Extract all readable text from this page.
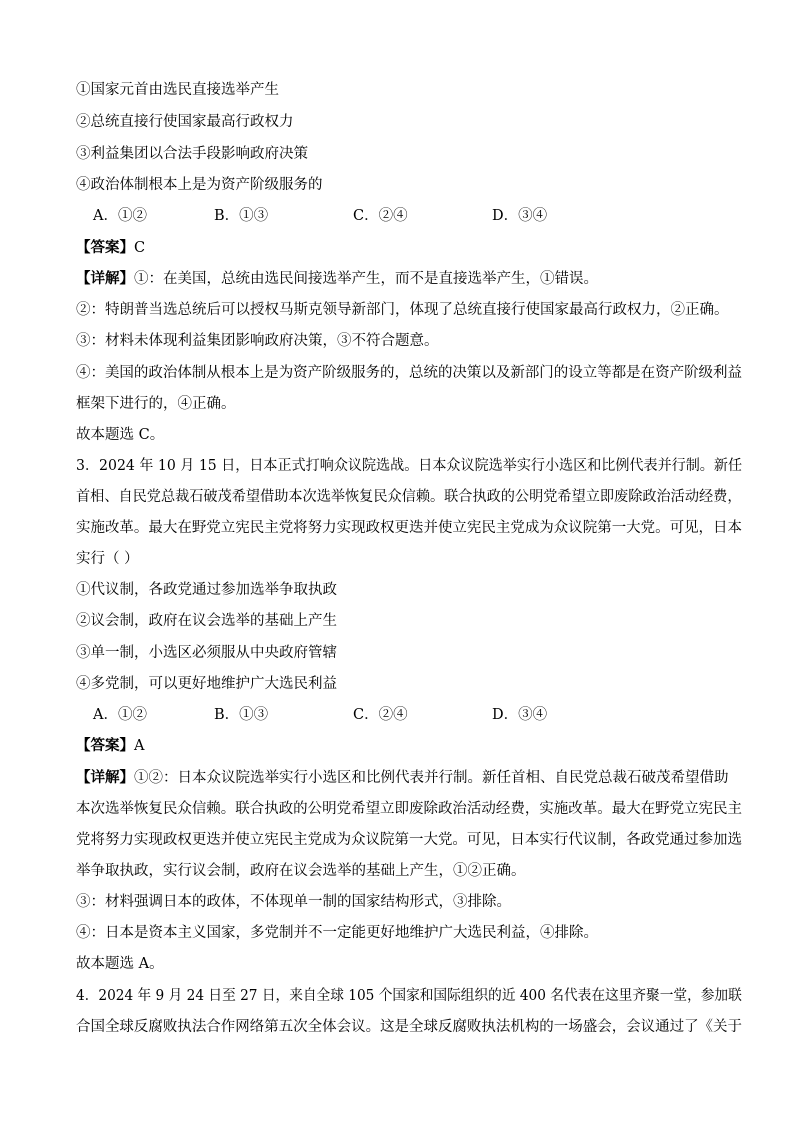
①国家元首由选民直接选举产生
②总统直接行使国家最高行政权力
③利益集团以合法手段影响政府决策
④政治体制根本上是为资产阶级服务的
A．①②	B．①③	C．②④	D．③④
【答案】C
【详解】①：在美国，总统由选民间接选举产生，而不是直接选举产生，①错误。
②：特朗普当选总统后可以授权马斯克领导新部门，体现了总统直接行使国家最高行政权力，②正确。
③：材料未体现利益集团影响政府决策，③不符合题意。
④：美国的政治体制从根本上是为资产阶级服务的，总统的决策以及新部门的设立等都是在资产阶级利益
框架下进行的，④正确。
故本题选 C。
3．2024 年 10 月 15 日，日本正式打响众议院选战。日本众议院选举实行小选区和比例代表并行制。新任
首相、自民党总裁石破茂希望借助本次选举恢复民众信赖。联合执政的公明党希望立即废除政治活动经费，
实施改革。最大在野党立宪民主党将努力实现政权更迭并使立宪民主党成为众议院第一大党。可见，日本
实行（ ）
①代议制，各政党通过参加选举争取执政
②议会制，政府在议会选举的基础上产生
③单一制，小选区必须服从中央政府管辖
④多党制，可以更好地维护广大选民利益
A．①②	B．①③	C．②④	D．③④
【答案】A
【详解】①②：日本众议院选举实行小选区和比例代表并行制。新任首相、自民党总裁石破茂希望借助
本次选举恢复民众信赖。联合执政的公明党希望立即废除政治活动经费，实施改革。最大在野党立宪民主
党将努力实现政权更迭并使立宪民主党成为众议院第一大党。可见，日本实行代议制，各政党通过参加选
举争取执政，实行议会制，政府在议会选举的基础上产生，①②正确。
③：材料强调日本的政体，不体现单一制的国家结构形式，③排除。
④：日本是资本主义国家，多党制并不一定能更好地维护广大选民利益，④排除。
故本题选 A。
4．2024 年 9 月 24 日至 27 日，来自全球 105 个国家和国际组织的近 400 名代表在这里齐聚一堂，参加联
合国全球反腐败执法合作网络第五次全体会议。这是全球反腐败执法机构的一场盛会，会议通过了《关于
